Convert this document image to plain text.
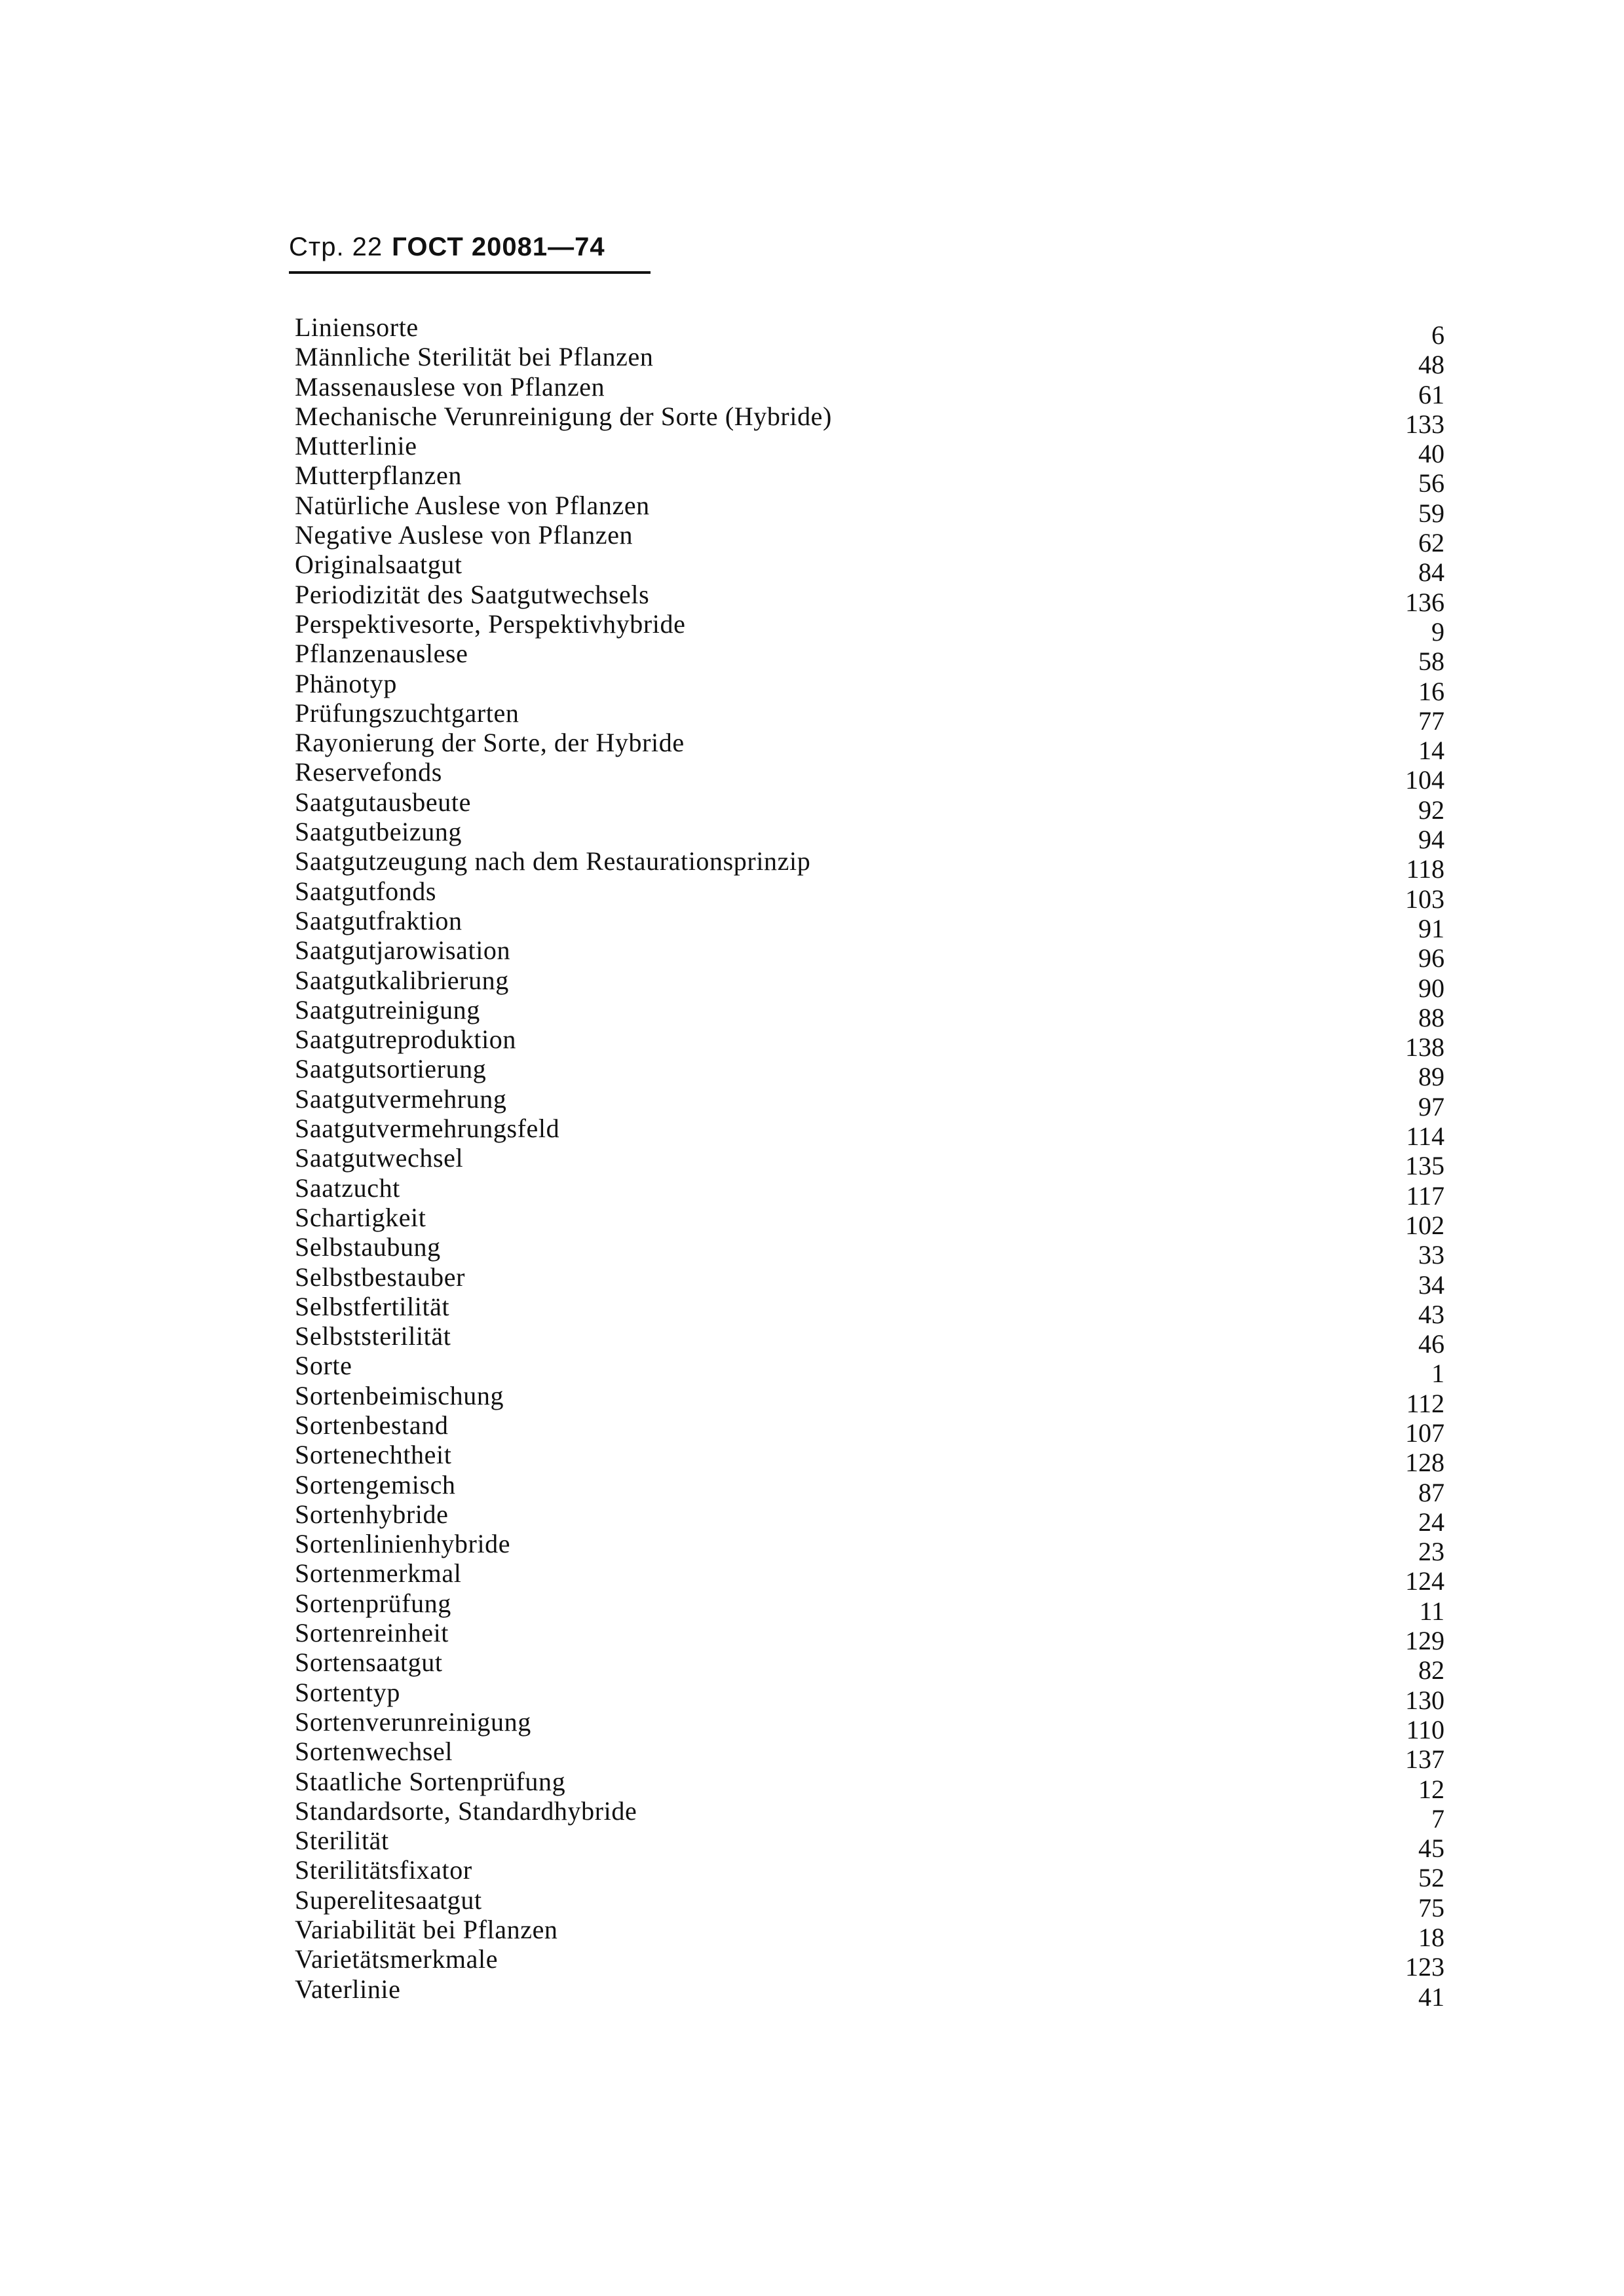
Стр. 22 ГОСТ 20081—74
Liniensorte	6
Männliche Sterilität bei Pflanzen	48
Massenauslese von Pflanzen	61
Mechanische Verunreinigung der Sorte (Hybride)	133
Mutterlinie	40
Mutterpflanzen	56
Natürliche Auslese von Pflanzen	59
Negative Auslese von Pflanzen	62
Originalsaatgut	84
Periodizität des Saatgutwechsels	136
Perspektivesorte, Perspektivhybride	9
Pflanzenauslese	58
Phänotyp	16
Prüfungszuchtgarten	77
Rayonierung der Sorte, der Hybride	14
Reservefonds	104
Saatgutausbeute	92
Saatgutbeizung	94
Saatgutzeugung nach dem Restaurationsprinzip	118
Saatgutfonds	103
Saatgutfraktion	91
Saatgutjarowisation	96
Saatgutkalibrierung	90
Saatgutreinigung	88
Saatgutreproduktion	138
Saatgutsortierung	89
Saatgutvermehrung	97
Saatgutvermehrungsfeld	114
Saatgutwechsel	135
Saatzucht	117
Schartigkeit	102
Selbstaubung	33
Selbstbestauber	34
Selbstfertilität	43
Selbststerilität	46
Sorte	1
Sortenbeimischung	112
Sortenbestand	107
Sortenechtheit	128
Sortengemisch	87
Sortenhybride	24
Sortenlinienhybride	23
Sortenmerkmal	124
Sortenprüfung	11
Sortenreinheit	129
Sortensaatgut	82
Sortentyp	130
Sortenverunreinigung	110
Sortenwechsel	137
Staatliche Sortenprüfung	12
Standardsorte, Standardhybride	7
Sterilität	45
Sterilitätsfixator	52
Superelitesaatgut	75
Variabilität bei Pflanzen	18
Varietätsmerkmale	123
Vaterlinie	41
